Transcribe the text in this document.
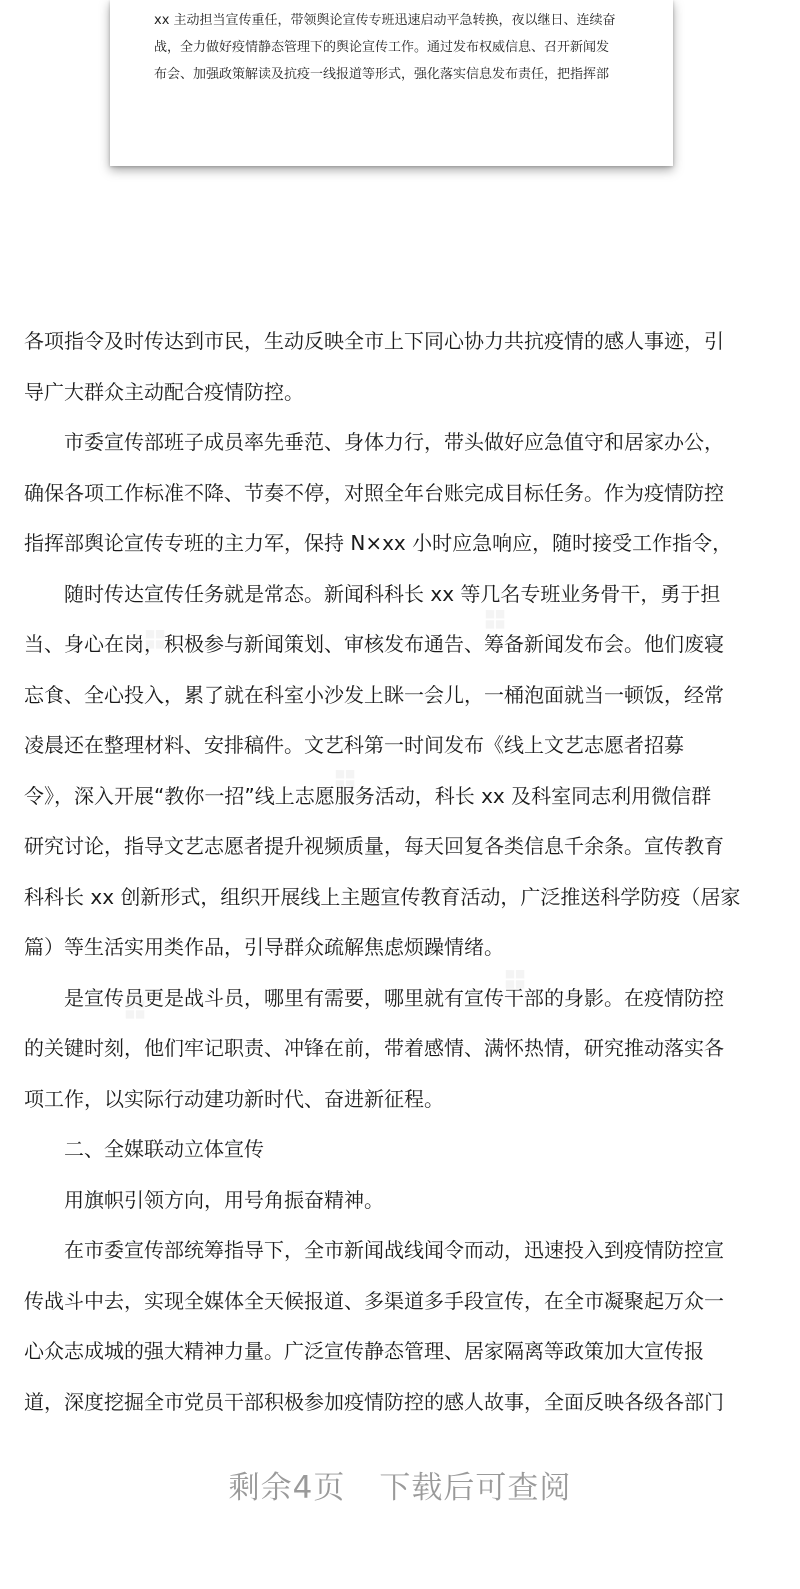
xx 主动担当宣传重任，带领舆论宣传专班迅速启动平急转换，夜以继日、连续奋
战，全力做好疫情静态管理下的舆论宣传工作。通过发布权威信息、召开新闻发
布会、加强政策解读及抗疫一线报道等形式，强化落实信息发布责任，把指挥部

各项指令及时传达到市民，生动反映全市上下同心协力共抗疫情的感人事迹，引

导广大群众主动配合疫情防控。

市委宣传部班子成员率先垂范、身体力行，带头做好应急值守和居家办公，

确保各项工作标准不降、节奏不停，对照全年台账完成目标任务。作为疫情防控

指挥部舆论宣传专班的主力军，保持 N×xx 小时应急响应，随时接受工作指令，

随时传达宣传任务就是常态。新闻科科长 xx 等几名专班业务骨干，勇于担

当、身心在岗，积极参与新闻策划、审核发布通告、筹备新闻发布会。他们废寝

忘食、全心投入，累了就在科室小沙发上眯一会儿，一桶泡面就当一顿饭，经常

凌晨还在整理材料、安排稿件。文艺科第一时间发布《线上文艺志愿者招募

令》，深入开展“教你一招”线上志愿服务活动，科长 xx 及科室同志利用微信群

研究讨论，指导文艺志愿者提升视频质量，每天回复各类信息千余条。宣传教育

科科长 xx 创新形式，组织开展线上主题宣传教育活动，广泛推送科学防疫（居家

篇）等生活实用类作品，引导群众疏解焦虑烦躁情绪。

是宣传员更是战斗员，哪里有需要，哪里就有宣传干部的身影。在疫情防控

的关键时刻，他们牢记职责、冲锋在前，带着感情、满怀热情，研究推动落实各

项工作，以实际行动建功新时代、奋进新征程。

二、全媒联动立体宣传

用旗帜引领方向，用号角振奋精神。

在市委宣传部统筹指导下，全市新闻战线闻令而动，迅速投入到疫情防控宣

传战斗中去，实现全媒体全天候报道、多渠道多手段宣传，在全市凝聚起万众一

心众志成城的强大精神力量。广泛宣传静态管理、居家隔离等政策加大宣传报

道，深度挖掘全市党员干部积极参加疫情防控的感人故事，全面反映各级各部门

剩余4页 下载后可查阅
